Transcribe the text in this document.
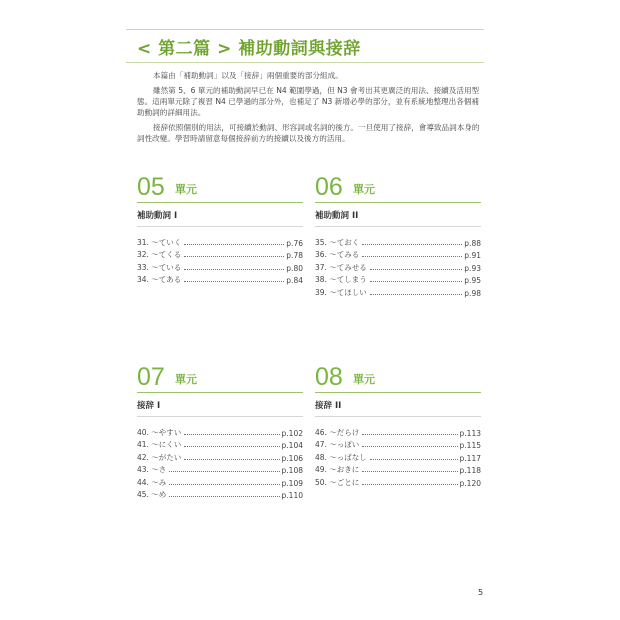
< 第二篇 > 補助動詞與接辞

本篇由「補助動詞」以及「接辞」兩個重要的部分組成。

雖然第 5、6 單元的補助動詞早已在 N4 範圍學過，但 N3 會考出其更廣泛的用法、接續及活用型態。這兩單元除了複習 N4 已學過的部分外，也補足了 N3 新增必學的部分，並有系統地整理出各個補助動詞的詳細用法。

接辞依照個別的用法，可接續於動詞、形容詞或名詞的後方。一旦使用了接辞，會導致品詞本身的詞性改變。學習時請留意每個接辞前方的接續以及後方的活用。

05 單元
補助動詞 I
31. ～ていく	p.76
32. ～てくる	p.78
33. ～ている	p.80
34. ～てある	p.84
06 單元
補助動詞 II
35. ～ておく	p.88
36. ～てみる	p.91
37. ～てみせる	p.93
38. ～てしまう	p.95
39. ～てほしい	p.98
07 單元
接辞 I
40. ～やすい	p.102
41. ～にくい	p.104
42. ～がたい	p.106
43. ～さ	p.108
44. ～み	p.109
45. ～め	p.110
08 單元
接辞 II
46. ～だらけ	p.113
47. ～っぽい	p.115
48. ～っぱなし	p.117
49. ～おきに	p.118
50. ～ごとに	p.120
5
